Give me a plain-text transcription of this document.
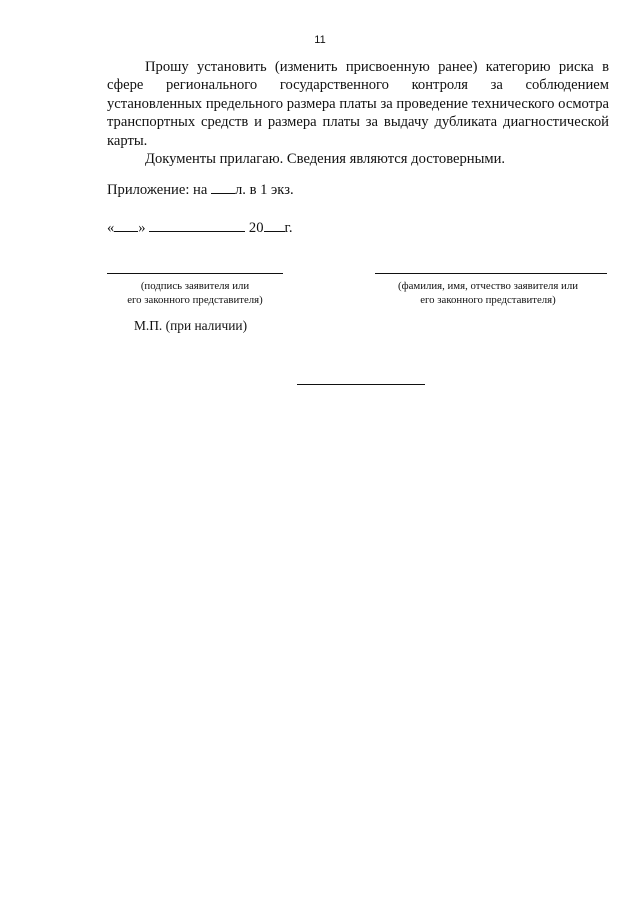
11

Прошу установить (изменить присвоенную ранее) категорию риска в сфере регионального государственного контроля за соблюдением установленных предельного размера платы за проведение технического осмотра транспортных средств и размера платы за выдачу дубликата диагностической карты.

Документы прилагаю. Сведения являются достоверными.

Приложение: на л. в 1 экз.
« »	20 г.
(подпись заявителя или
его законного представителя)
(фамилия, имя, отчество заявителя или
его законного представителя)
М.П. (при наличии)
